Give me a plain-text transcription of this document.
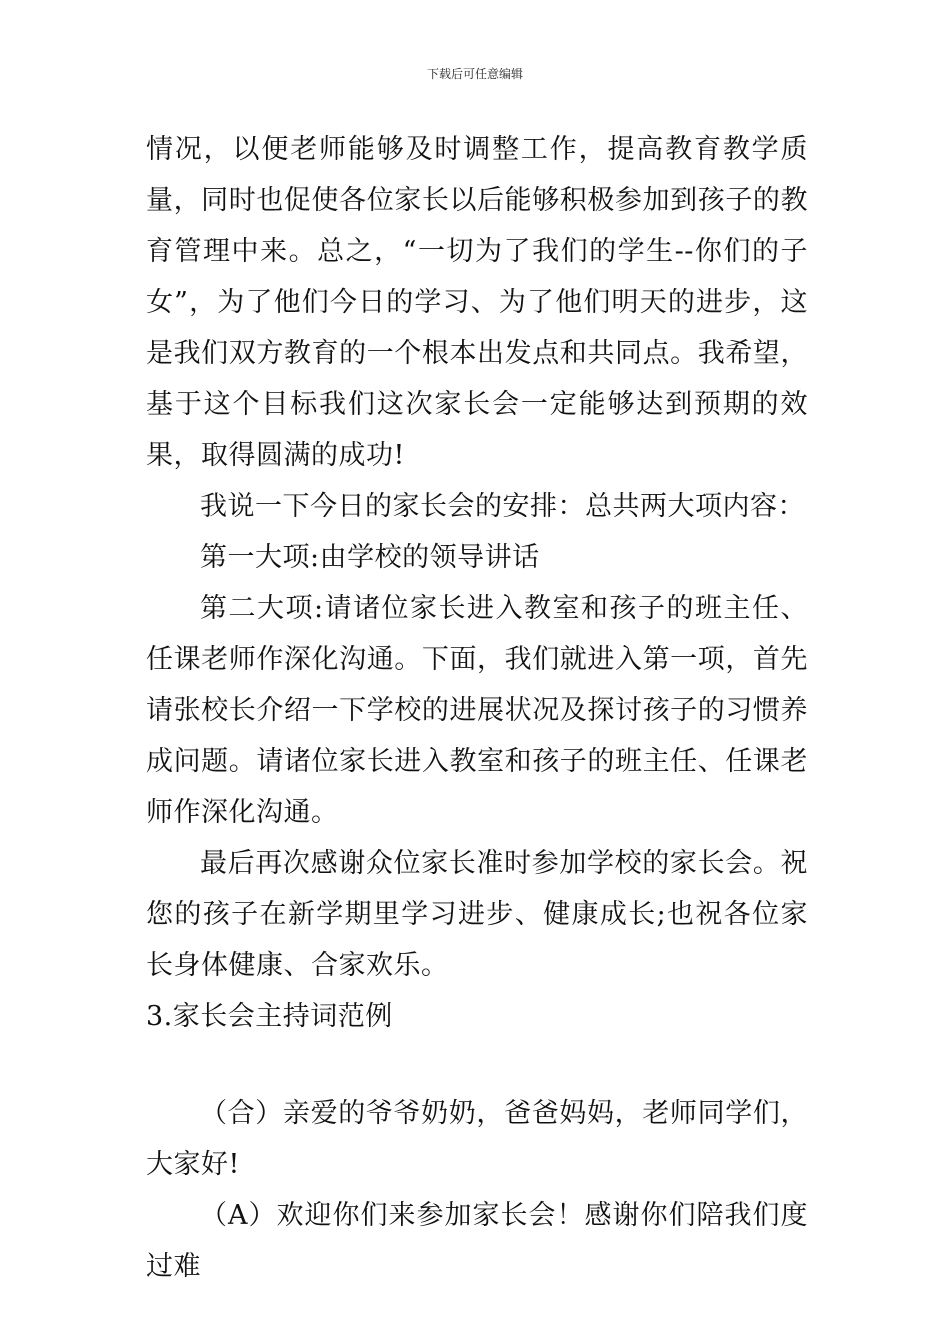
下载后可任意编辑

情况，以便老师能够及时调整工作，提高教育教学质量，同时也促使各位家长以后能够积极参加到孩子的教育管理中来。总之，“一切为了我们的学生--你们的子女”，为了他们今日的学习、为了他们明天的进步，这是我们双方教育的一个根本出发点和共同点。我希望，基于这个目标我们这次家长会一定能够达到预期的效果，取得圆满的成功!

我说一下今日的家长会的安排：总共两大项内容：

第一大项:由学校的领导讲话

第二大项:请诸位家长进入教室和孩子的班主任、任课老师作深化沟通。下面，我们就进入第一项，首先请张校长介绍一下学校的进展状况及探讨孩子的习惯养成问题。请诸位家长进入教室和孩子的班主任、任课老师作深化沟通。

最后再次感谢众位家长准时参加学校的家长会。祝您的孩子在新学期里学习进步、健康成长;也祝各位家长身体健康、合家欢乐。

3.家长会主持词范例

（合）亲爱的爷爷奶奶，爸爸妈妈，老师同学们，大家好!

（A）欢迎你们来参加家长会！感谢你们陪我们度过难
